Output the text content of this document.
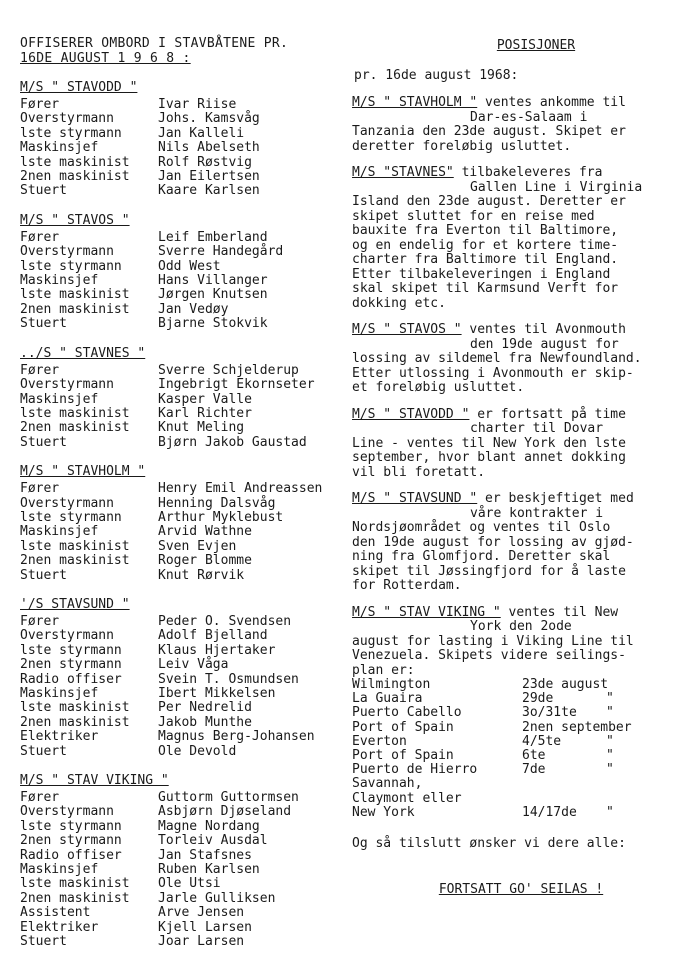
OFFISERER OMBORD I STAVBÅTENE PR.
16DE AUGUST 1 9 6 8 :
M/S " STAVODD "
Fører	Ivar Riise
Overstyrmann	Johs. Kamsvåg
lste styrmann	Jan Kalleli
Maskinsjef	Nils Abelseth
lste maskinist	Rolf Røstvig
2nen maskinist	Jan Eilertsen
Stuert	Kaare Karlsen
M/S " STAVOS "
Fører	Leif Emberland
Overstyrmann	Sverre Handegård
lste styrmann	Odd West
Maskinsjef	Hans Villanger
lste maskinist	Jørgen Knutsen
2nen maskinist	Jan Vedøy
Stuert	Bjarne Stokvik
../S " STAVNES "
Fører	Sverre Schjelderup
Overstyrmann	Ingebrigt Ekornseter
Maskinsjef	Kasper Valle
lste maskinist	Karl Richter
2nen maskinist	Knut Meling
Stuert	Bjørn Jakob Gaustad
M/S " STAVHOLM "
Fører	Henry Emil Andreassen
Overstyrmann	Henning Dalsvåg
lste styrmann	Arthur Myklebust
Maskinsjef	Arvid Wathne
lste maskinist	Sven Evjen
2nen maskinist	Roger Blomme
Stuert	Knut Rørvik
'/S STAVSUND "
Fører	Peder O. Svendsen
Overstyrmann	Adolf Bjelland
lste styrmann	Klaus Hjertaker
2nen styrmann	Leiv Våga
Radio offiser	Svein T. Osmundsen
Maskinsjef	Ibert Mikkelsen
lste maskinist	Per Nedrelid
2nen maskinist	Jakob Munthe
Elektriker	Magnus Berg-Johansen
Stuert	Ole Devold
M/S " STAV VIKING "
Fører	Guttorm Guttormsen
Overstyrmann	Asbjørn Djøseland
lste styrmann	Magne Nordang
2nen styrmann	Torleiv Ausdal
Radio offiser	Jan Stafsnes
Maskinsjef	Ruben Karlsen
lste maskinist	Ole Utsi
2nen maskinist	Jarle Gulliksen
Assistent	Arve Jensen
Elektriker	Kjell Larsen
Stuert	Joar Larsen
POSISJONER
pr. 16de august 1968:
M/S " STAVHOLM " ventes ankomme til
Dar-es-Salaam i
Tanzania den 23de august. Skipet er
deretter foreløbig usluttet.
M/S "STAVNES" tilbakeleveres fra
Gallen Line i Virginia
Island den 23de august. Deretter er
skipet sluttet for en reise med
bauxite fra Everton til Baltimore,
og en endelig for et kortere time-
charter fra Baltimore til England.
Etter tilbakeleveringen i England
skal skipet til Karmsund Verft for
dokking etc.
M/S " STAVOS " ventes til Avonmouth
den 19de august for
lossing av sildemel fra Newfoundland.
Etter utlossing i Avonmouth er skip-
et foreløbig usluttet.
M/S " STAVODD " er fortsatt på time
charter til Dovar
Line - ventes til New York den lste
september, hvor blant annet dokking
vil bli foretatt.
M/S " STAVSUND " er beskjeftiget med
våre kontrakter i
Nordsjøområdet og ventes til Oslo
den 19de august for lossing av gjød-
ning fra Glomfjord. Deretter skal
skipet til Jøssingfjord for å laste
for Rotterdam.
M/S " STAV VIKING " ventes til New
York den 2ode
august for lasting i Viking Line til
Venezuela. Skipets videre seilings-
plan er:
Wilmington	23de august
La Guaira	29de	"
Puerto Cabello	3o/31te	"
Port of Spain	2nen september
Everton	4/5te	"
Port of Spain	6te	"
Puerto de Hierro	7de	"
Savannah,
Claymont eller
New York	14/17de	"
Og så tilslutt ønsker vi dere alle:
FORTSATT GO' SEILAS !
